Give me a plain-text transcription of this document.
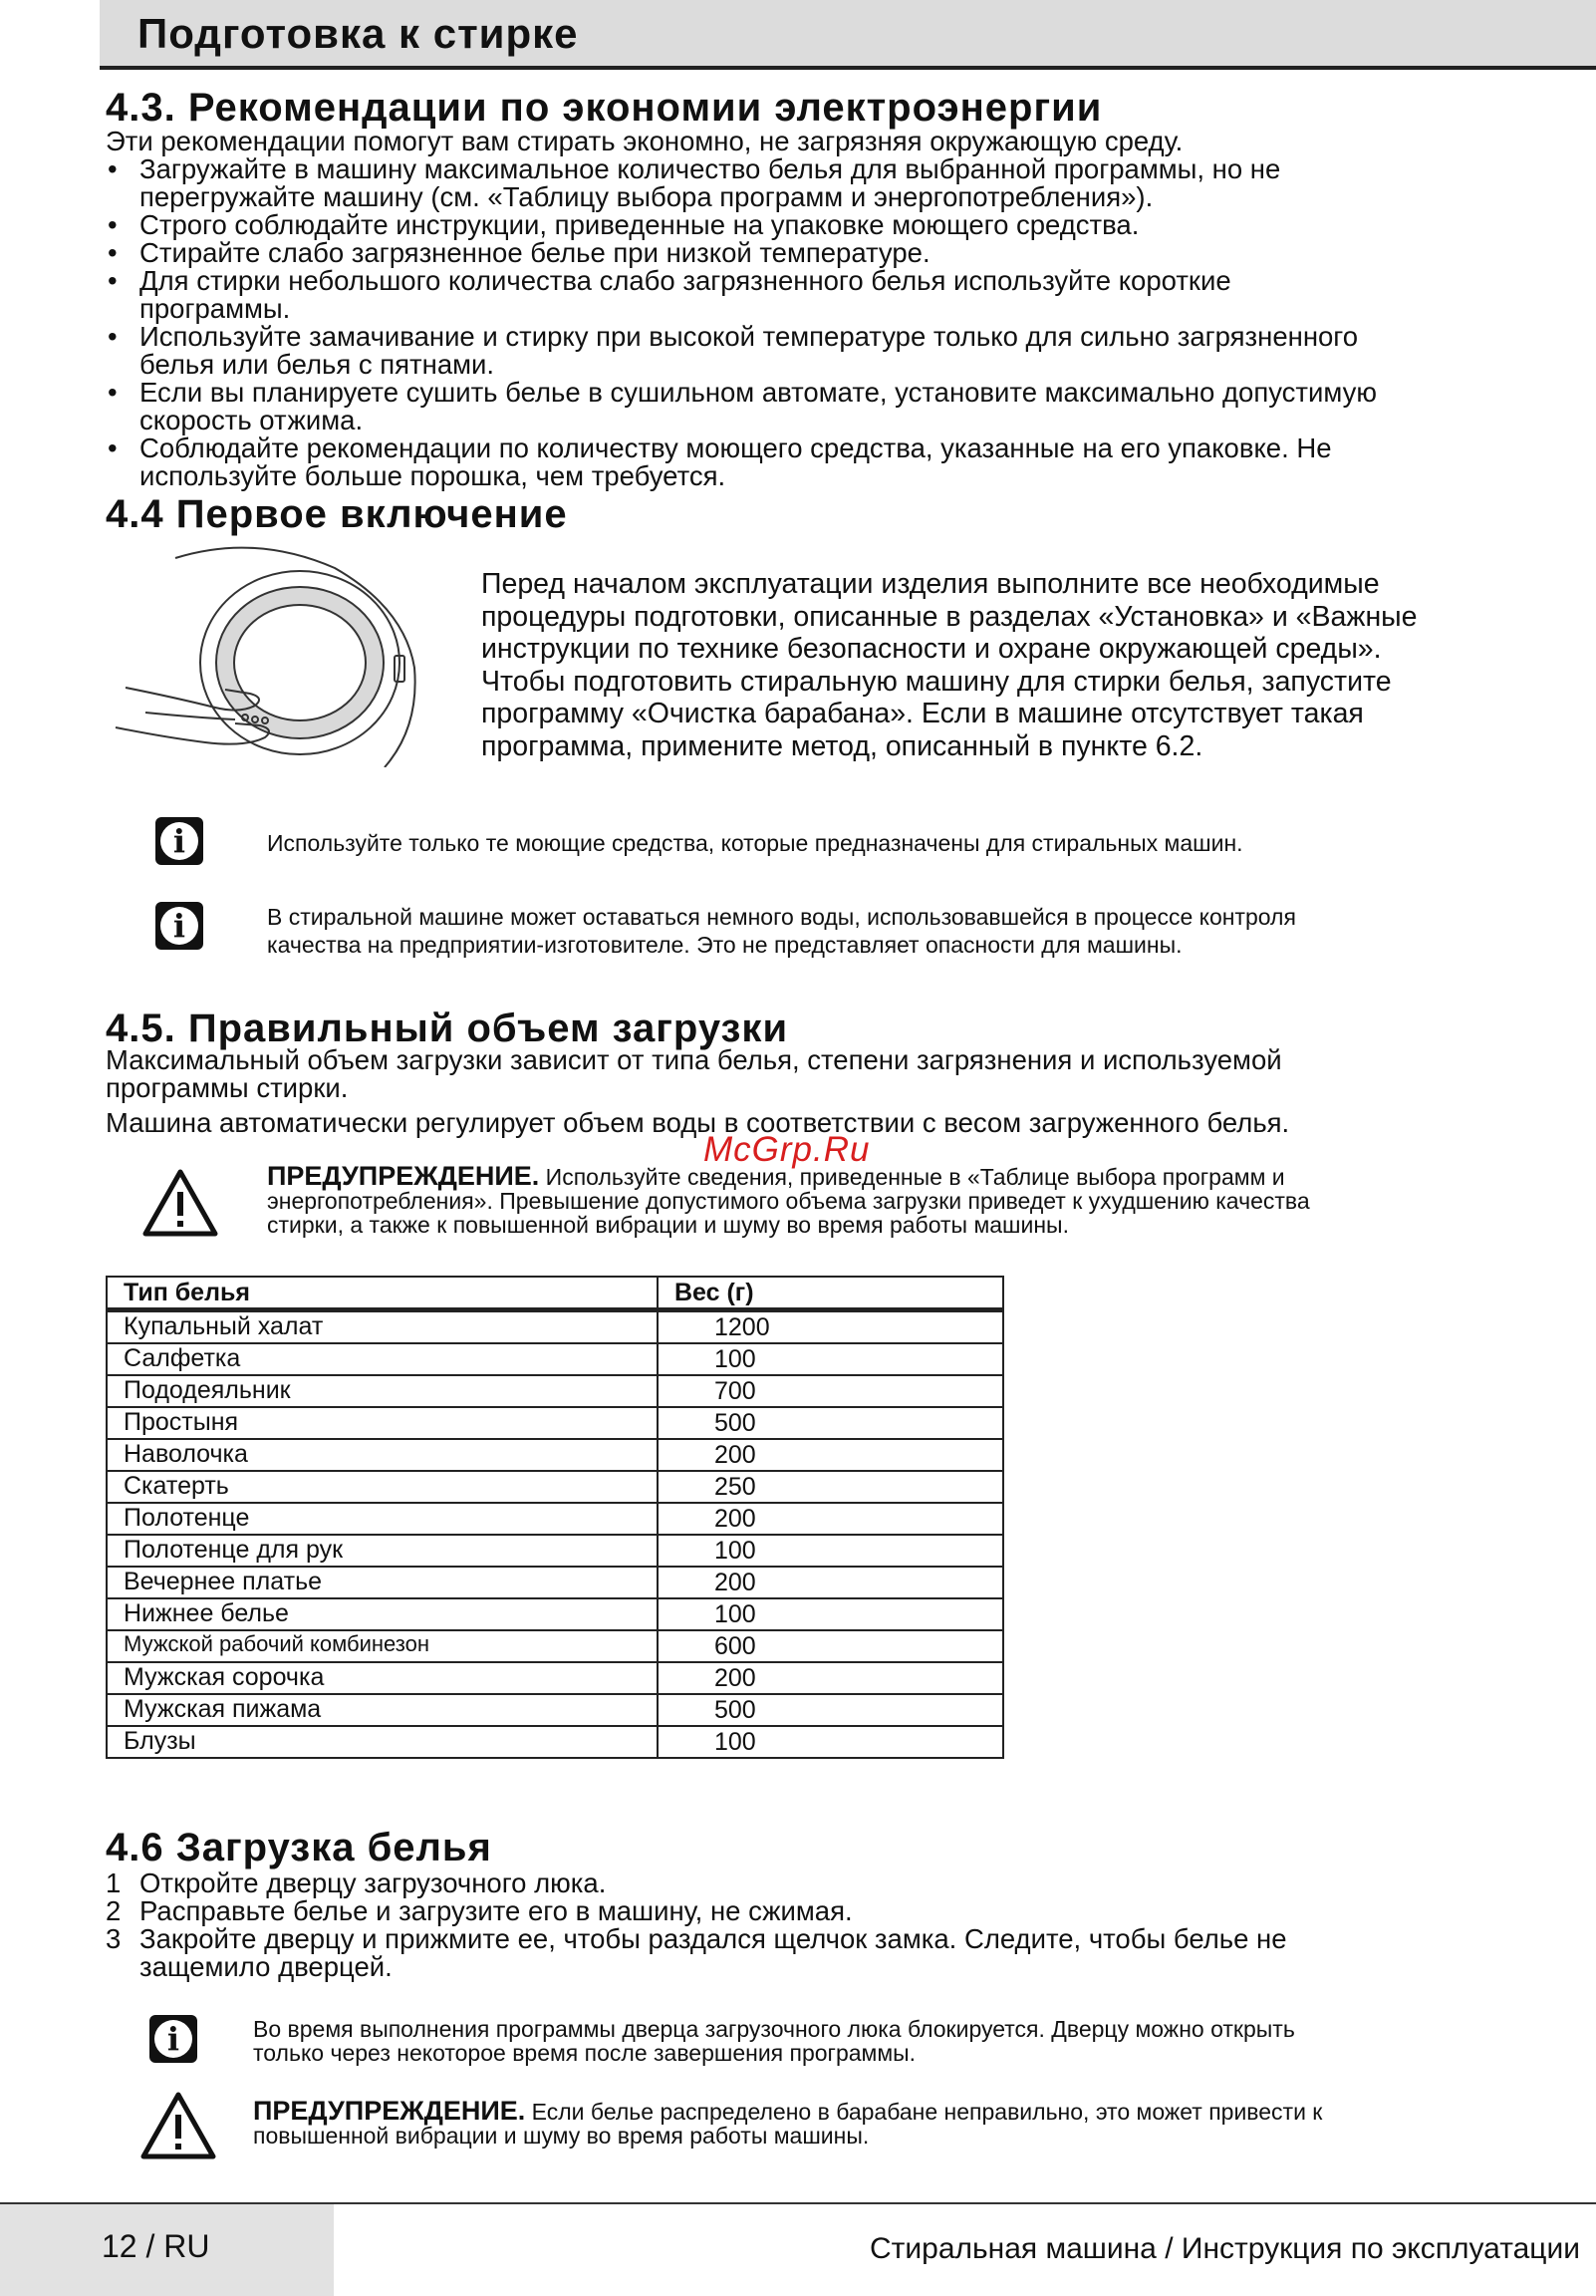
Подготовка к стирке
4.3. Рекомендации по экономии электроэнергии
Эти рекомендации помогут вам стирать экономно, не загрязняя окружающую среду.
• Загружайте в машину максимальное количество белья для выбранной программы, но не
перегружайте машину (см. «Таблицу выбора программ и энергопотребления»).
• Строго соблюдайте инструкции, приведенные на упаковке моющего средства.
• Стирайте слабо загрязненное белье при низкой температуре.
• Для стирки небольшого количества слабо загрязненного белья используйте короткие
программы.
• Используйте замачивание и стирку при высокой температуре только для сильно загрязненного
белья или белья с пятнами.
• Если вы планируете сушить белье в сушильном автомате, установите максимально допустимую
скорость отжима.
• Соблюдайте рекомендации по количеству моющего средства, указанные на его упаковке. Не
используйте больше порошка, чем требуется.
4.4 Первое включение
Перед началом эксплуатации изделия выполните все необходимые
процедуры подготовки, описанные в разделах «Установка» и «Важные
инструкции по технике безопасности и охране окружающей среды».
Чтобы подготовить стиральную машину для стирки белья, запустите
программу «Очистка барабана». Если в машине отсутствует такая
программа, примените метод, описанный в пункте 6.2.
i	Используйте только те моющие средства, которые предназначены для стиральных машин.
i	В стиральной машине может оставаться немного воды, использовавшейся в процессе контроля
качества на предприятии-изготовителе. Это не представляет опасности для машины.
4.5. Правильный объем загрузки
Максимальный объем загрузки зависит от типа белья, степени загрязнения и используемой
программы стирки.
Машина автоматически регулирует объем воды в соответствии с весом загруженного белья.
McGrp.Ru
ПРЕДУПРЕЖДЕНИЕ. Используйте сведения, приведенные в «Таблице выбора программ и
энергопотребления». Превышение допустимого объема загрузки приведет к ухудшению качества
стирки, а также к повышенной вибрации и шуму во время работы машины.
Тип белья	Вес (г)
Купальный халат	1200
Салфетка	100
Пододеяльник	700
Простыня	500
Наволочка	200
Скатерть	250
Полотенце	200
Полотенце для рук	100
Вечернее платье	200
Нижнее белье	100
Мужской рабочий комбинезон	600
Мужская сорочка	200
Мужская пижама	500
Блузы	100
4.6 Загрузка белья
1 Откройте дверцу загрузочного люка.
2 Расправьте белье и загрузите его в машину, не сжимая.
3 Закройте дверцу и прижмите ее, чтобы раздался щелчок замка. Следите, чтобы белье не
защемило дверцей.
i	Во время выполнения программы дверца загрузочного люка блокируется. Дверцу можно открыть
только через некоторое время после завершения программы.
ПРЕДУПРЕЖДЕНИЕ. Если белье распределено в барабане неправильно, это может привести к
повышенной вибрации и шуму во время работы машины.
12 / RU	Стиральная машина / Инструкция по эксплуатации
